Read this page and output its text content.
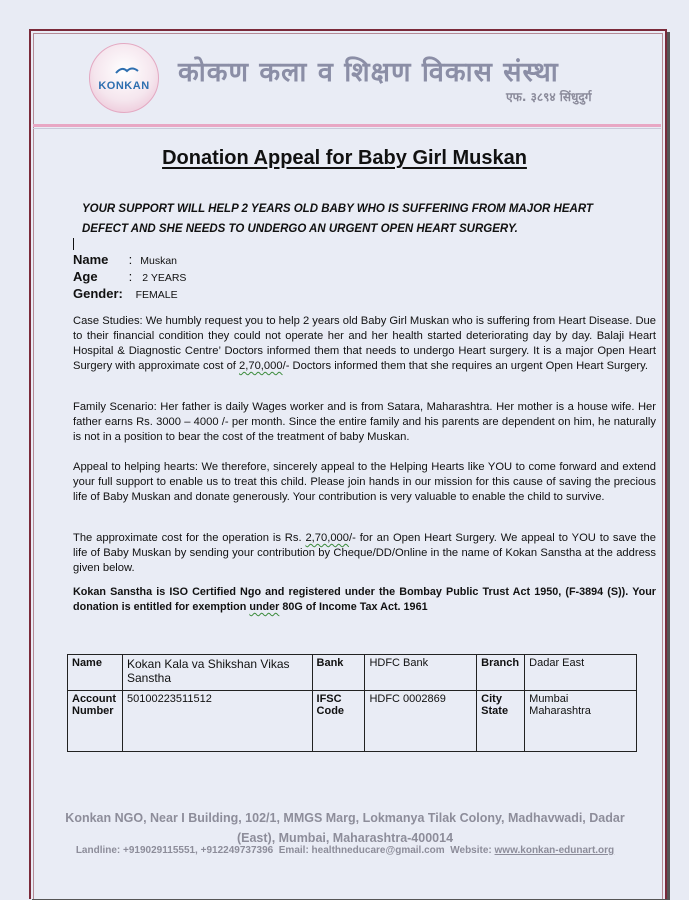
KONKAN	कोकण कला व शिक्षण विकास संस्था
एफ. ३८९४ सिंधुदुर्ग
Donation Appeal for Baby Girl Muskan
YOUR SUPPORT WILL HELP 2 YEARS OLD BABY WHO IS SUFFERING FROM MAJOR HEART
DEFECT AND SHE NEEDS TO UNDERGO AN URGENT OPEN HEART SURGERY.
Name : Muskan
Age : 2 YEARS
Gender: FEMALE
Case Studies: We humbly request you to help 2 years old Baby Girl Muskan who is suffering from Heart Disease. Due to their financial condition they could not operate her and her health started deteriorating day by day. Balaji Heart Hospital & Diagnostic Centre’ Doctors informed them that needs to undergo Heart surgery. It is a major Open Heart Surgery with approximate cost of 2,70,000/- Doctors informed them that she requires an urgent Open Heart Surgery.
Family Scenario: Her father is daily Wages worker and is from Satara, Maharashtra. Her mother is a house wife. Her father earns Rs. 3000 – 4000 /- per month. Since the entire family and his parents are dependent on him, he naturally is not in a position to bear the cost of the treatment of baby Muskan.
Appeal to helping hearts: We therefore, sincerely appeal to the Helping Hearts like YOU to come forward and extend your full support to enable us to treat this child. Please join hands in our mission for this cause of saving the precious life of Baby Muskan and donate generously. Your contribution is very valuable to enable the child to survive.
The approximate cost for the operation is Rs. 2,70,000/- for an Open Heart Surgery. We appeal to YOU to save the life of Baby Muskan by sending your contribution by Cheque/DD/Online in the name of Kokan Sanstha at the address given below.
Kokan Sanstha is ISO Certified Ngo and registered under the Bombay Public Trust Act 1950, (F-3894 (S)). Your donation is entitled for exemption under 80G of Income Tax Act. 1961
Name	Kokan Kala va Shikshan Vikas Sanstha	Bank	HDFC Bank	Branch	Dadar East
Account Number	50100223511512	IFSC Code	HDFC 0002869	City State	Mumbai Maharashtra
Konkan NGO, Near I Building, 102/1, MMGS Marg, Lokmanya Tilak Colony, Madhavwadi, Dadar (East), Mumbai, Maharashtra-400014
Landline: +919029115551, +912249737396 Email: healthneducare@gmail.com Website: www.konkan-edunart.org
